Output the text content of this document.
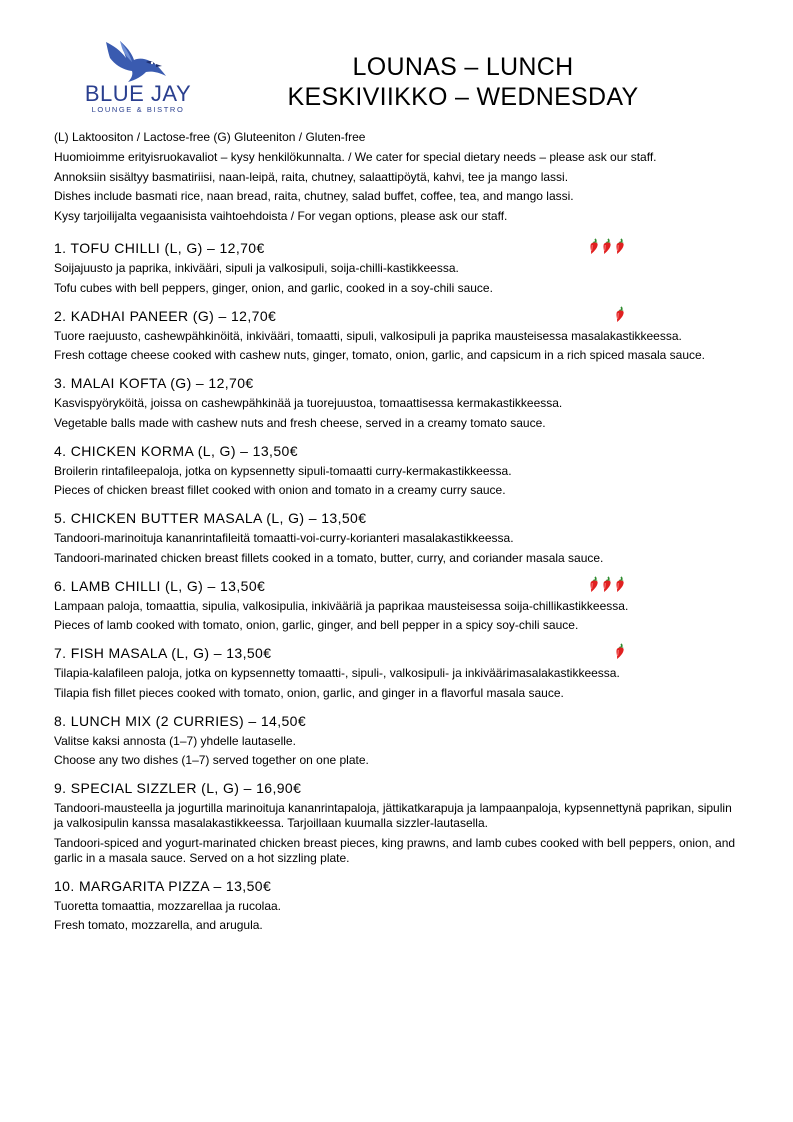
BLUE JAY
LOUNGE & BISTRO
LOUNAS – LUNCH
KESKIVIIKKO – WEDNESDAY

(L) Laktoositon / Lactose-free (G) Gluteeniton / Gluten-free

Huomioimme erityisruokavaliot – kysy henkilökunnalta. / We cater for special dietary needs – please ask our staff.

Annoksiin sisältyy basmatiriisi, naan-leipä, raita, chutney, salaattipöytä, kahvi, tee ja mango lassi.

Dishes include basmati rice, naan bread, raita, chutney, salad buffet, coffee, tea, and mango lassi.

Kysy tarjoilijalta vegaanisista vaihtoehdoista / For vegan options, please ask our staff.

1. TOFU CHILLI (L, G) – 12,70€
Soijajuusto ja paprika, inkivääri, sipuli ja valkosipuli, soija-chilli-kastikkeessa.
Tofu cubes with bell peppers, ginger, onion, and garlic, cooked in a soy-chili sauce.
2. KADHAI PANEER (G) – 12,70€
Tuore raejuusto, cashewpähkinöitä, inkivääri, tomaatti, sipuli, valkosipuli ja paprika mausteisessa masalakastikkeessa.
Fresh cottage cheese cooked with cashew nuts, ginger, tomato, onion, garlic, and capsicum in a rich spiced masala sauce.
3. MALAI KOFTA (G) – 12,70€
Kasvispyöryköitä, joissa on cashewpähkinää ja tuorejuustoa, tomaattisessa kermakastikkeessa.
Vegetable balls made with cashew nuts and fresh cheese, served in a creamy tomato sauce.
4. CHICKEN KORMA (L, G) – 13,50€
Broilerin rintafileepaloja, jotka on kypsennetty sipuli-tomaatti curry-kermakastikkeessa.
Pieces of chicken breast fillet cooked with onion and tomato in a creamy curry sauce.
5. CHICKEN BUTTER MASALA (L, G) – 13,50€
Tandoori-marinoituja kananrintafileitä tomaatti-voi-curry-korianteri masalakastikkeessa.
Tandoori-marinated chicken breast fillets cooked in a tomato, butter, curry, and coriander masala sauce.
6. LAMB CHILLI (L, G) – 13,50€
Lampaan paloja, tomaattia, sipulia, valkosipulia, inkivääriä ja paprikaa mausteisessa soija-chillikastikkeessa.
Pieces of lamb cooked with tomato, onion, garlic, ginger, and bell pepper in a spicy soy-chili sauce.
7. FISH MASALA (L, G) – 13,50€
Tilapia-kalafileen paloja, jotka on kypsennetty tomaatti-, sipuli-, valkosipuli- ja inkiväärimasalakastikkeessa.
Tilapia fish fillet pieces cooked with tomato, onion, garlic, and ginger in a flavorful masala sauce.
8. LUNCH MIX (2 CURRIES) – 14,50€
Valitse kaksi annosta (1–7) yhdelle lautaselle.
Choose any two dishes (1–7) served together on one plate.
9. SPECIAL SIZZLER (L, G) – 16,90€
Tandoori-mausteella ja jogurtilla marinoituja kananrintapaloja, jättikatkarapuja ja lampaanpaloja, kypsennettynä paprikan, sipulin ja valkosipulin kanssa masalakastikkeessa. Tarjoillaan kuumalla sizzler-lautasella.
Tandoori-spiced and yogurt-marinated chicken breast pieces, king prawns, and lamb cubes cooked with bell peppers, onion, and garlic in a masala sauce. Served on a hot sizzling plate.
10. MARGARITA PIZZA – 13,50€
Tuoretta tomaattia, mozzarellaa ja rucolaa.
Fresh tomato, mozzarella, and arugula.
